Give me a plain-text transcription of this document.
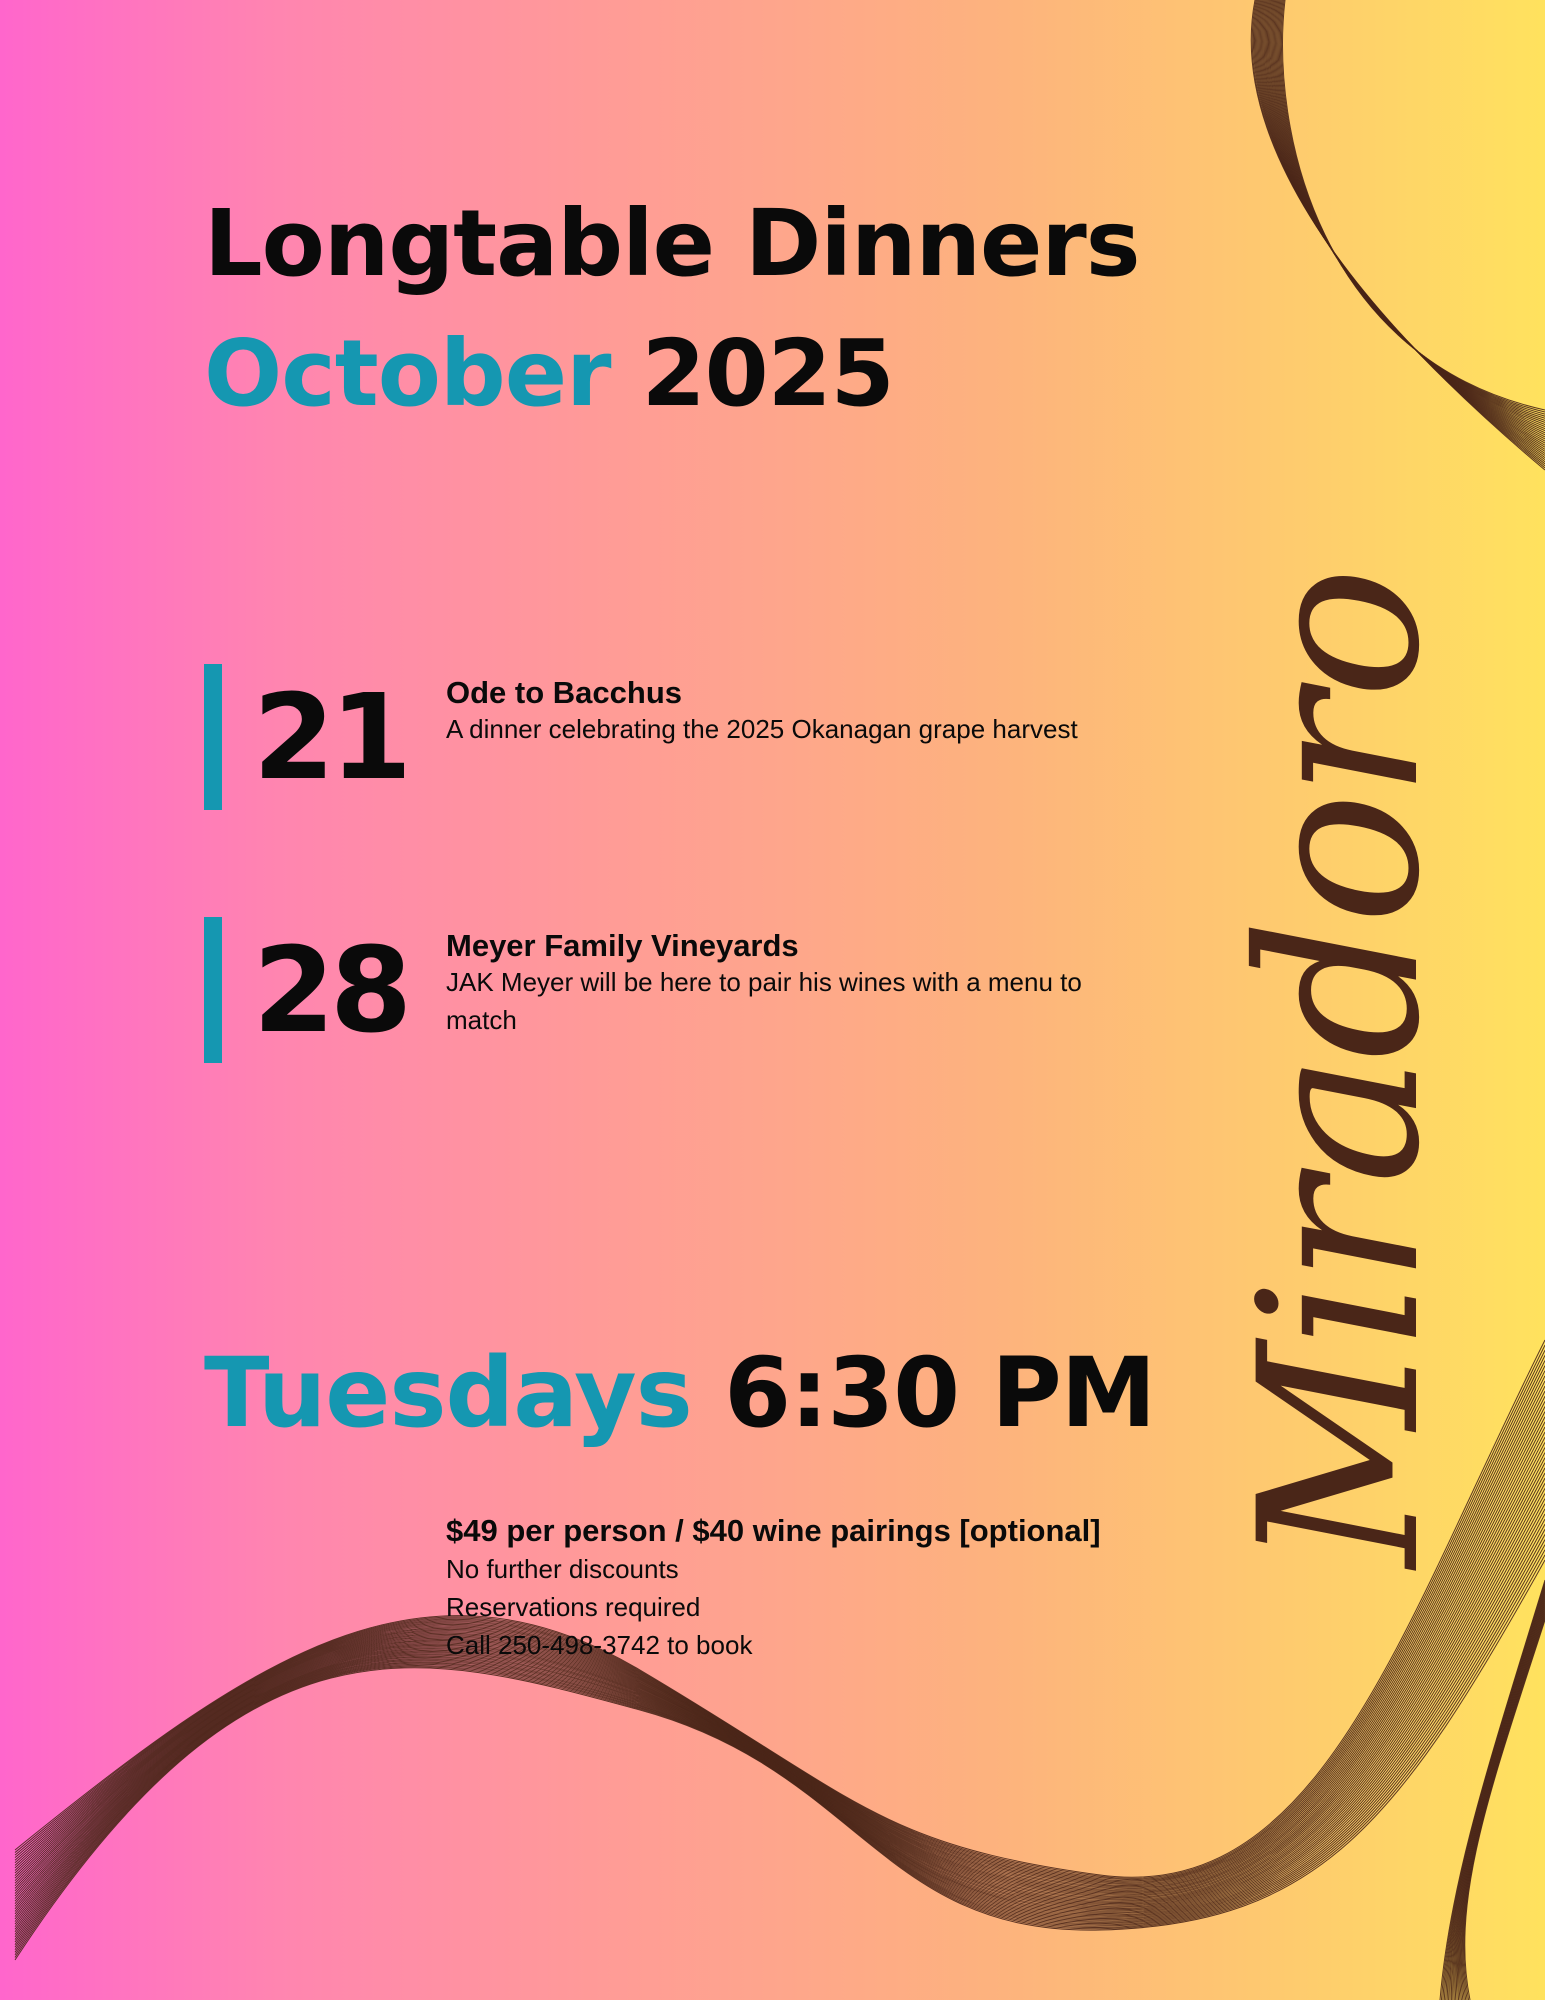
Miradoro
Longtable Dinners
October 2025
21	Ode to Bacchus
A dinner celebrating the 2025 Okanagan grape harvest
28	Meyer Family Vineyards
JAK Meyer will be here to pair his wines with a menu to match
Tuesdays 6:30 PM
$49 per person / $40 wine pairings [optional]
No further discounts
Reservations required
Call 250-498-3742 to book
